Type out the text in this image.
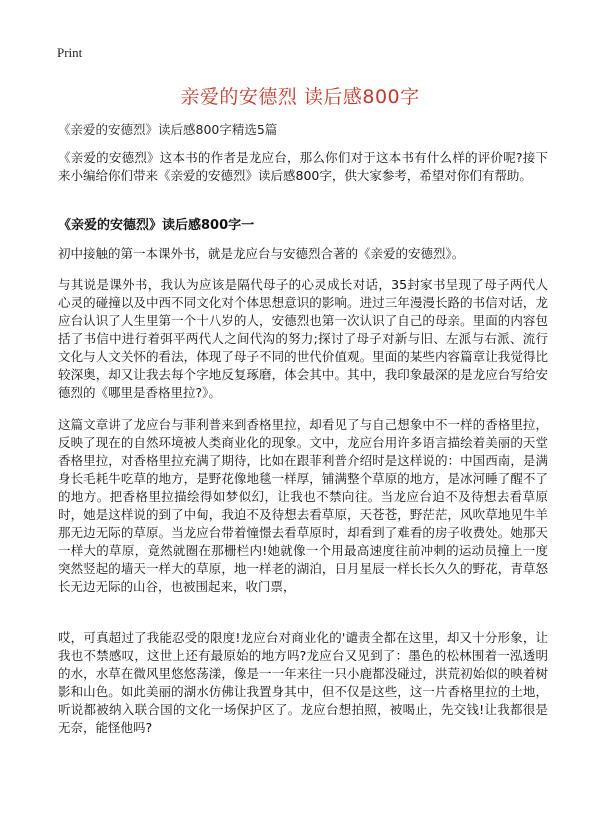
Print
亲爱的安德烈 读后感800字
《亲爱的安德烈》读后感800字精选5篇

《亲爱的安德烈》这本书的作者是龙应台，那么你们对于这本书有什么样的评价呢?接下来小编给你们带来《亲爱的安德烈》读后感800字，供大家参考，希望对你们有帮助。

《亲爱的安德烈》读后感800字一

初中接触的第一本课外书，就是龙应台与安德烈合著的《亲爱的安德烈》。

与其说是课外书，我认为应该是隔代母子的心灵成长对话，35封家书呈现了母子两代人心灵的碰撞以及中西不同文化对个体思想意识的影响。进过三年漫漫长路的书信对话，龙应台认识了人生里第一个十八岁的人，安德烈也第一次认识了自己的母亲。里面的内容包括了书信中进行着弭平两代人之间代沟的努力;探讨了母子对新与旧、左派与右派、流行文化与人文关怀的看法，体现了母子不同的世代价值观。里面的某些内容篇章让我觉得比较深奥，却又让我去每个字地反复琢磨，体会其中。其中，我印象最深的是龙应台写给安德烈的《哪里是香格里拉?》。

这篇文章讲了龙应台与菲利普来到香格里拉，却看见了与自己想象中不一样的香格里拉，反映了现在的自然环境被人类商业化的现象。文中，龙应台用许多语言描绘着美丽的天堂香格里拉，对香格里拉充满了期待，比如在跟菲利普介绍时是这样说的：中国西南，是满身长毛耗牛吃草的地方，是野花像地毯一样厚，铺满整个草原的地方，是冰河睡了醒不了的地方。把香格里拉描绘得如梦似幻，让我也不禁向往。当龙应台迫不及待想去看草原时，她是这样说的到了中甸，我迫不及待想去看草原，天苍苍，野茫茫，风吹草地见牛羊那无边无际的草原。当龙应台带着憧憬去看草原时，却看到了难看的房子收费处。她那天一样大的草原，竟然就圈在那栅栏内!她就像一个用最高速度往前冲刺的运动员撞上一度突然竖起的墙天一样大的草原，地一样老的湖泊，日月星辰一样长长久久的野花，青草怒长无边无际的山谷，也被围起来，收门票，

哎，可真超过了我能忍受的限度!龙应台对商业化的'谴责全都在这里，却又十分形象，让我也不禁感叹，这世上还有最原始的地方吗?龙应台又见到了：墨色的松林围着一泓透明的水，水草在微风里悠悠荡漾，像是一一年来往一只小鹿都没碰过，洪荒初始似的映着树影和山色。如此美丽的湖水仿佛让我置身其中，但不仅是这些，这一片香格里拉的土地，听说都被纳入联合国的文化一场保护区了。龙应台想拍照，被喝止，先交钱!让我都很是无奈，能怪他吗?
